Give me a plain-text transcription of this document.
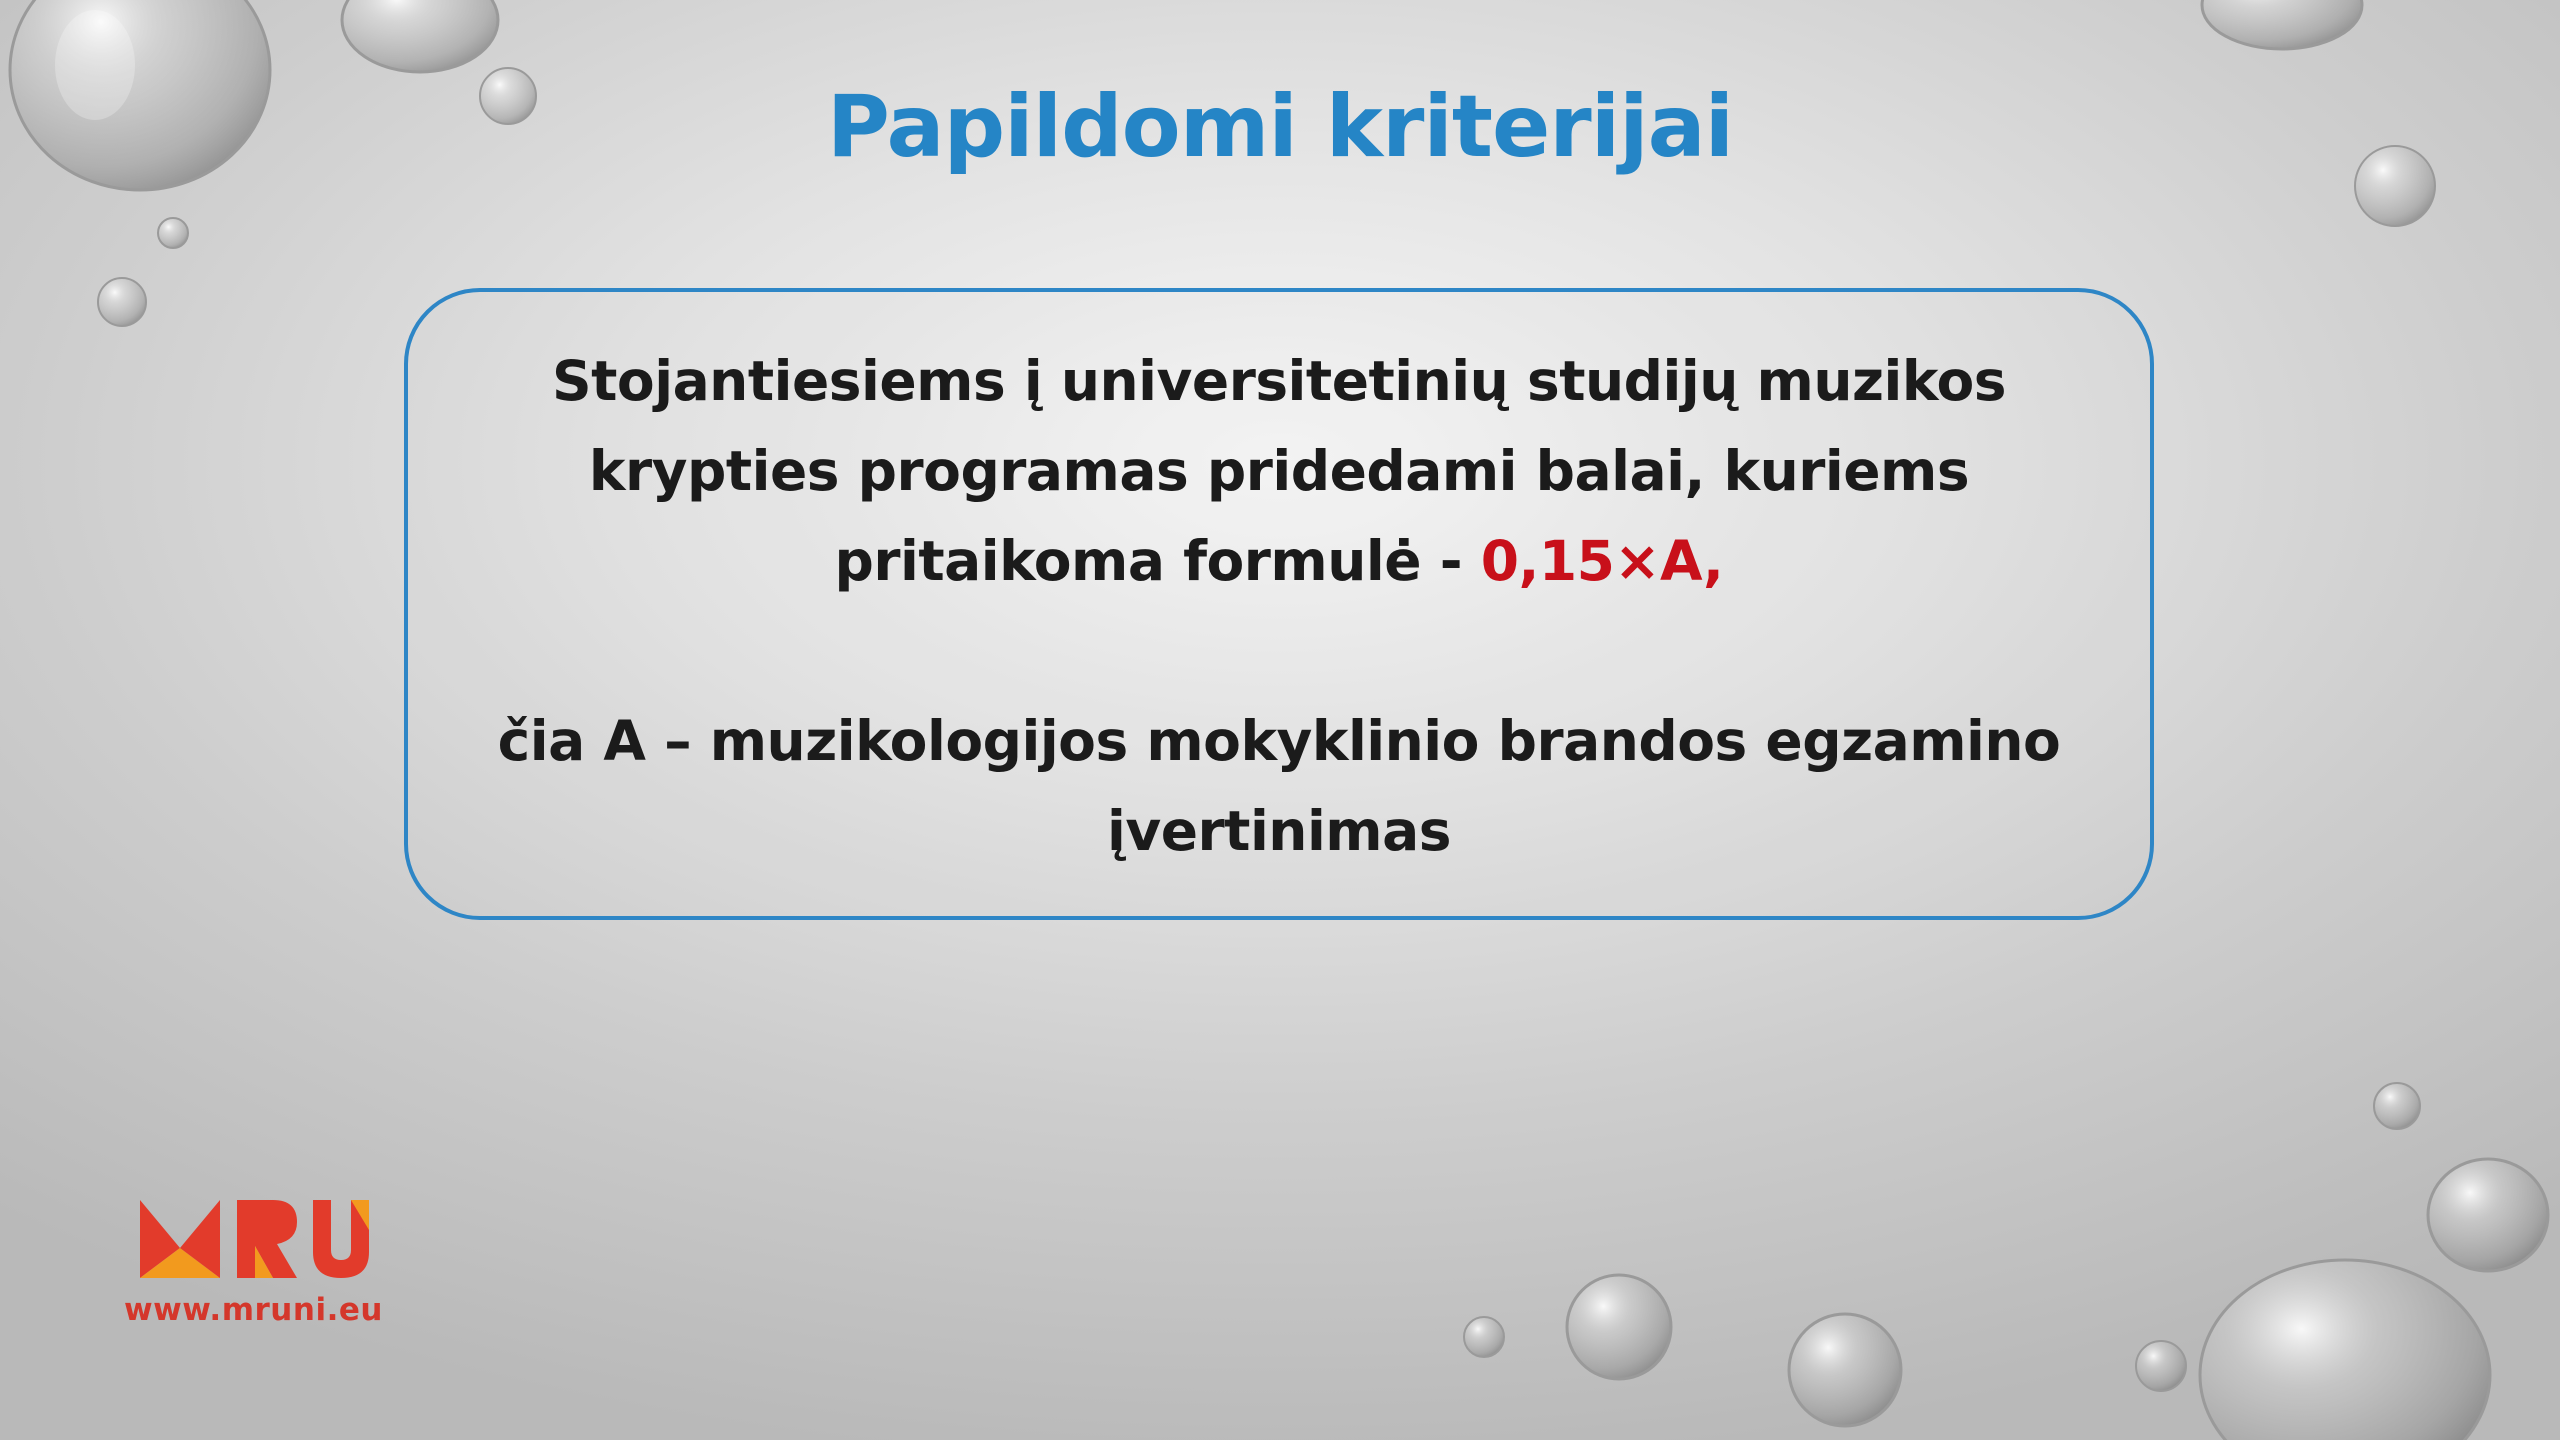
Papildomi kriterijai

Stojantiesiems į universitetinių studijų muzikos

krypties programas pridedami balai, kuriems

pritaikoma formulė - 0,15×A,

čia A – muzikologijos mokyklinio brandos egzamino

įvertinimas

www.mruni.eu
